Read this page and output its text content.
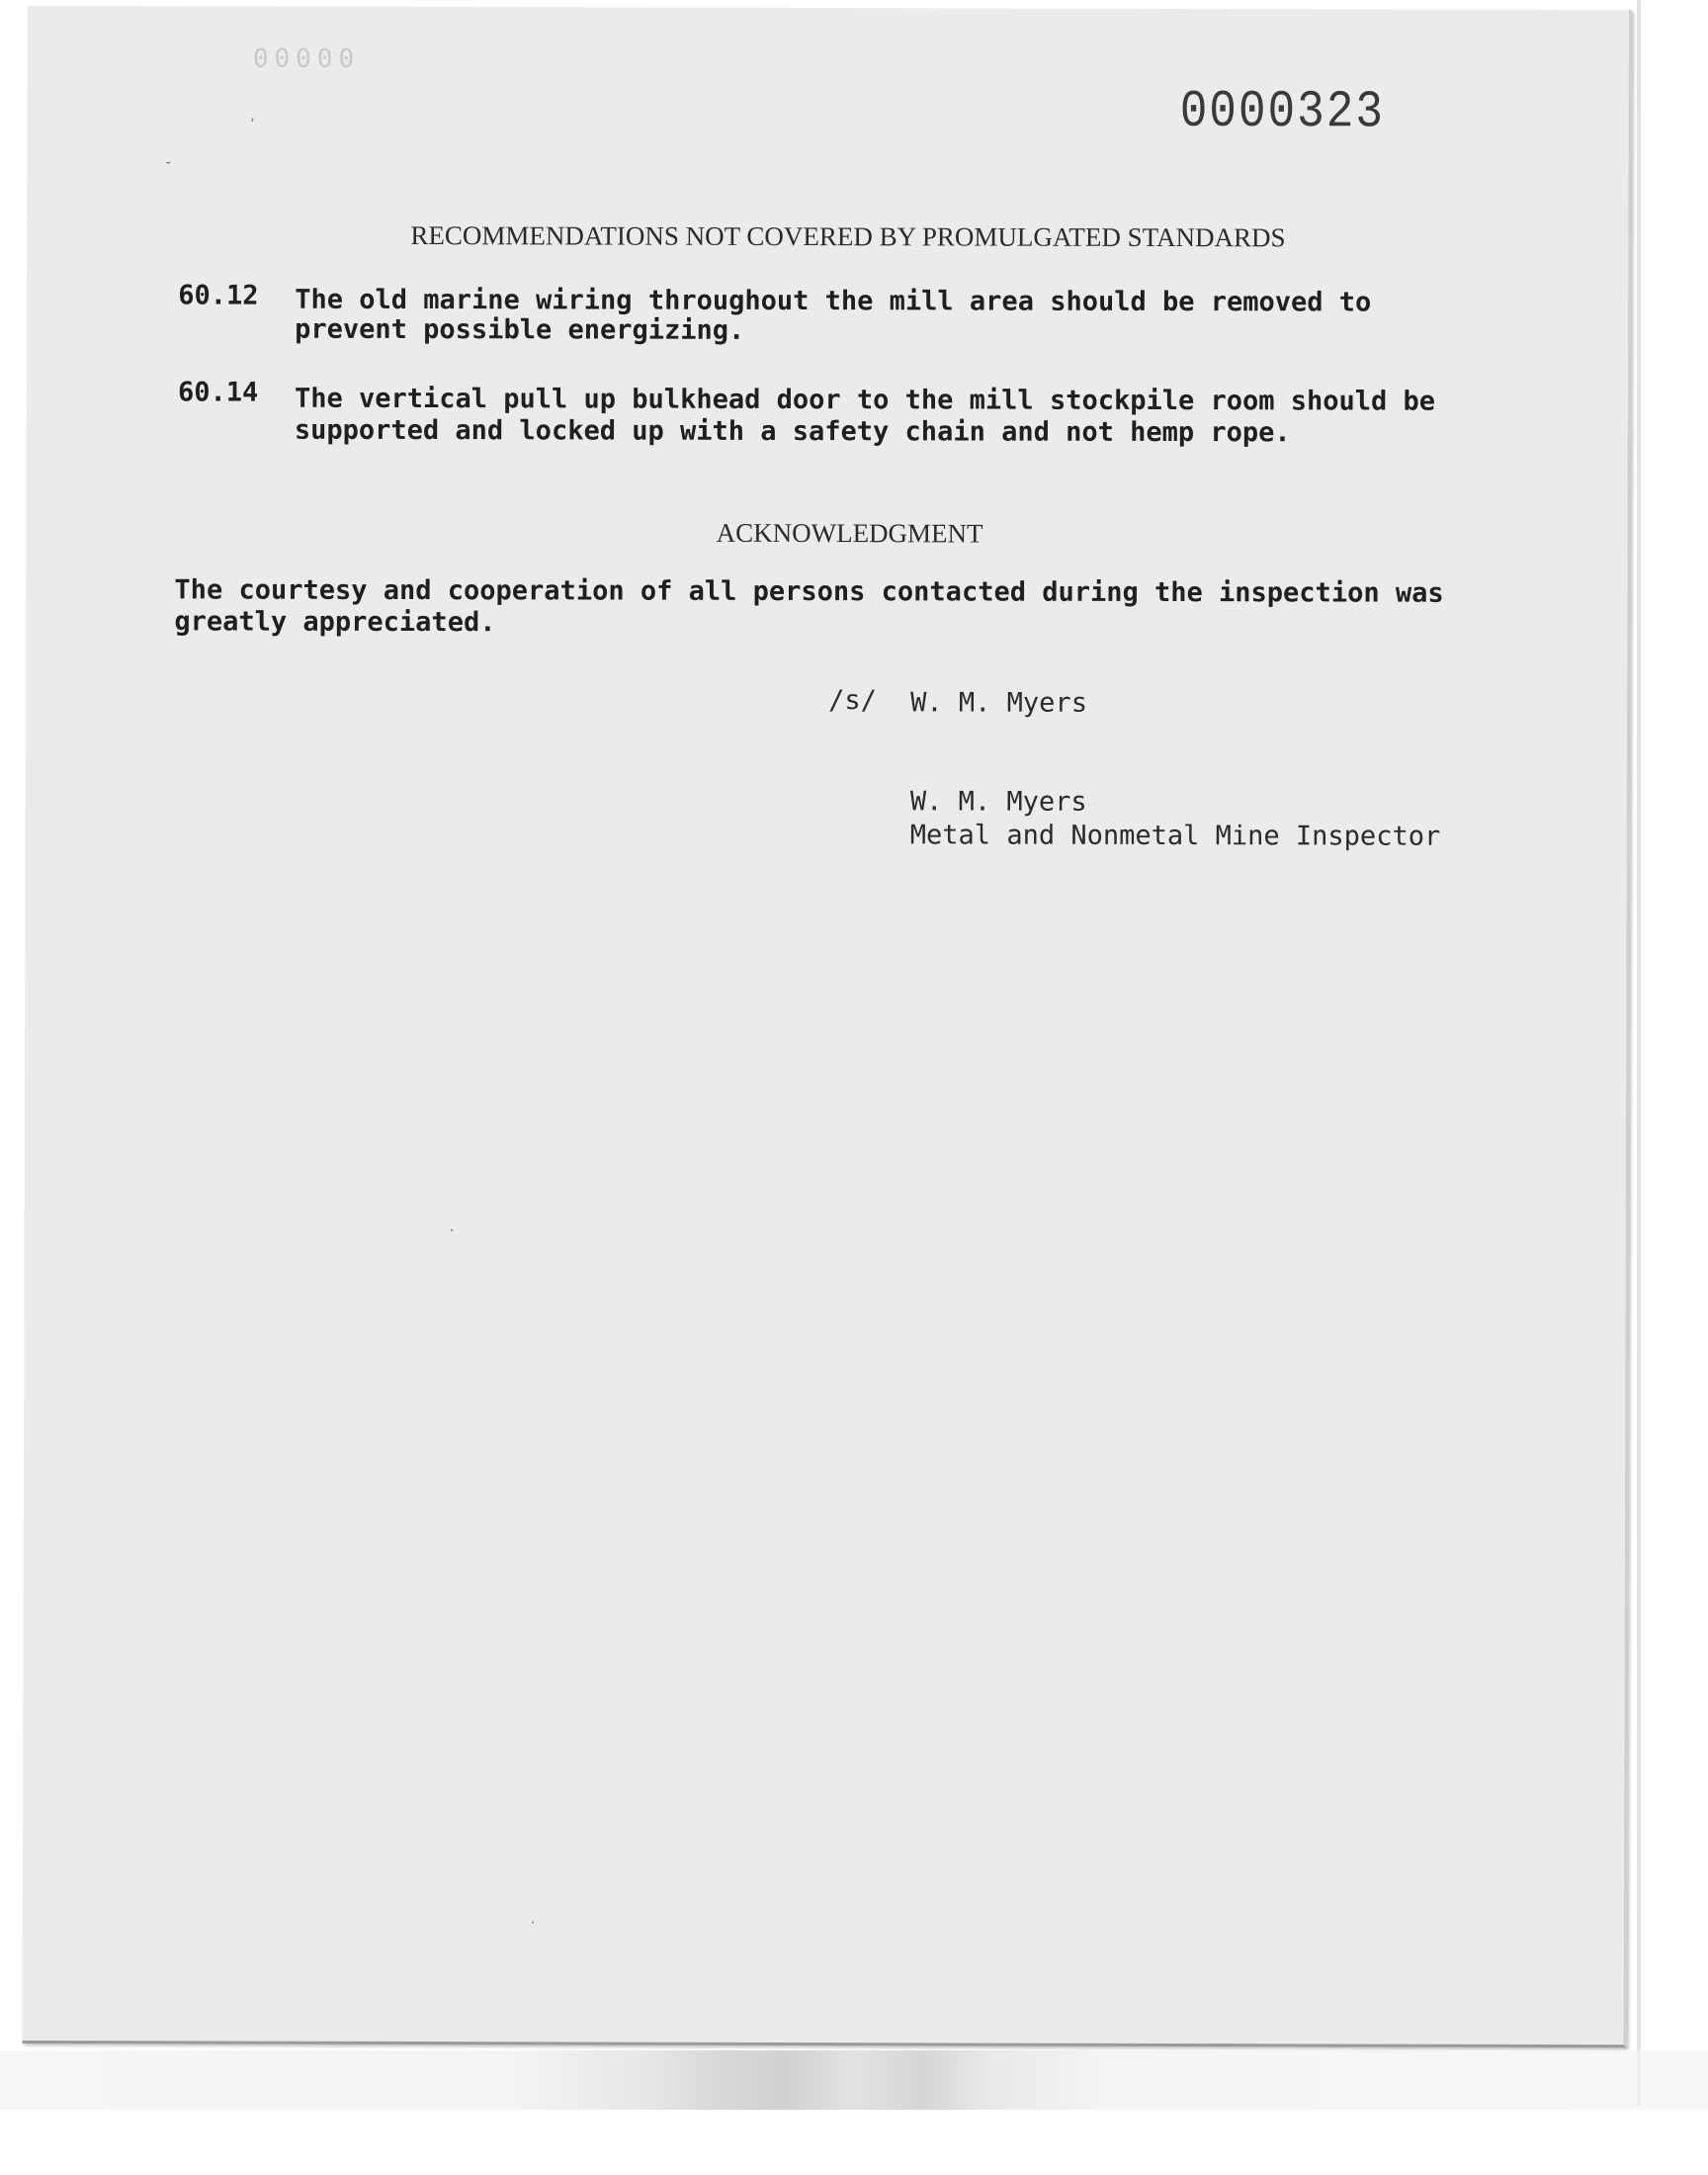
00000
˒
-
0000323
RECOMMENDATIONS NOT COVERED BY PROMULGATED STANDARDS
60.12 The old marine wiring throughout the mill area should be removed to
prevent possible energizing.
60.14 The vertical pull up bulkhead door to the mill stockpile room should be
supported and locked up with a safety chain and not hemp rope.
ACKNOWLEDGMENT
The courtesy and cooperation of all persons contacted during the inspection was
greatly appreciated.
/s/ W. M. Myers
W. M. Myers
Metal and Nonmetal Mine Inspector
·
·
